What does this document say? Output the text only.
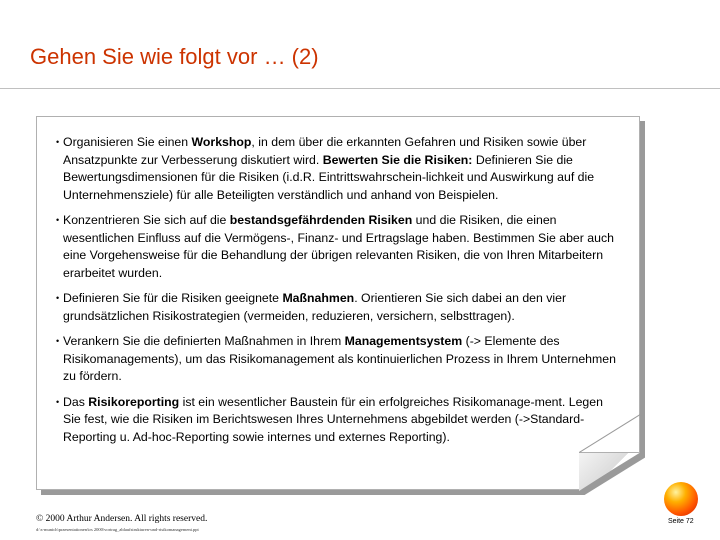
Gehen Sie wie folgt vor … (2)
• Organisieren Sie einen Workshop, in dem über die erkannten Gefahren und Risiken sowie über Ansatzpunkte zur Verbesserung diskutiert wird. Bewerten Sie die Risiken: Definieren Sie die Bewertungsdimensionen für die Risiken (i.d.R. Eintrittswahrschein-lichkeit und Auswirkung auf die Unternehmensziele) für alle Beteiligten verständlich und anhand von Beispielen.
• Konzentrieren Sie sich auf die bestandsgefährdenden Risiken und die Risiken, die einen wesentlichen Einfluss auf die Vermögens-, Finanz- und Ertragslage haben. Bestimmen Sie aber auch eine Vorgehensweise für die Behandlung der übrigen relevanten Risiken, die von Ihren Mitarbeitern erarbeitet wurden.
• Definieren Sie für die Risiken geeignete Maßnahmen. Orientieren Sie sich dabei an den vier grundsätzlichen Risikostrategien (vermeiden, reduzieren, versichern, selbsttragen).
• Verankern Sie die definierten Maßnahmen in Ihrem Managementsystem (-> Elemente des Risikomanagements), um das Risikomanagement als kontinuierlichen Prozess in Ihrem Unternehmen zu fördern.
• Das Risikoreporting ist ein wesentlicher Baustein für ein erfolgreiches Risikomanage-ment. Legen Sie fest, wie die Risiken im Berichtswesen Ihres Unternehmens abgebildet werden (->Standard-Reporting u. Ad-hoc-Reporting sowie internes und externes Reporting).
© 2000 Arthur Andersen. All rights reserved.
d:\s-munich\praesentationen\irs 2000\vortrag_ablaufstrukturen-und-risikomanagement.ppt
Seite 72
